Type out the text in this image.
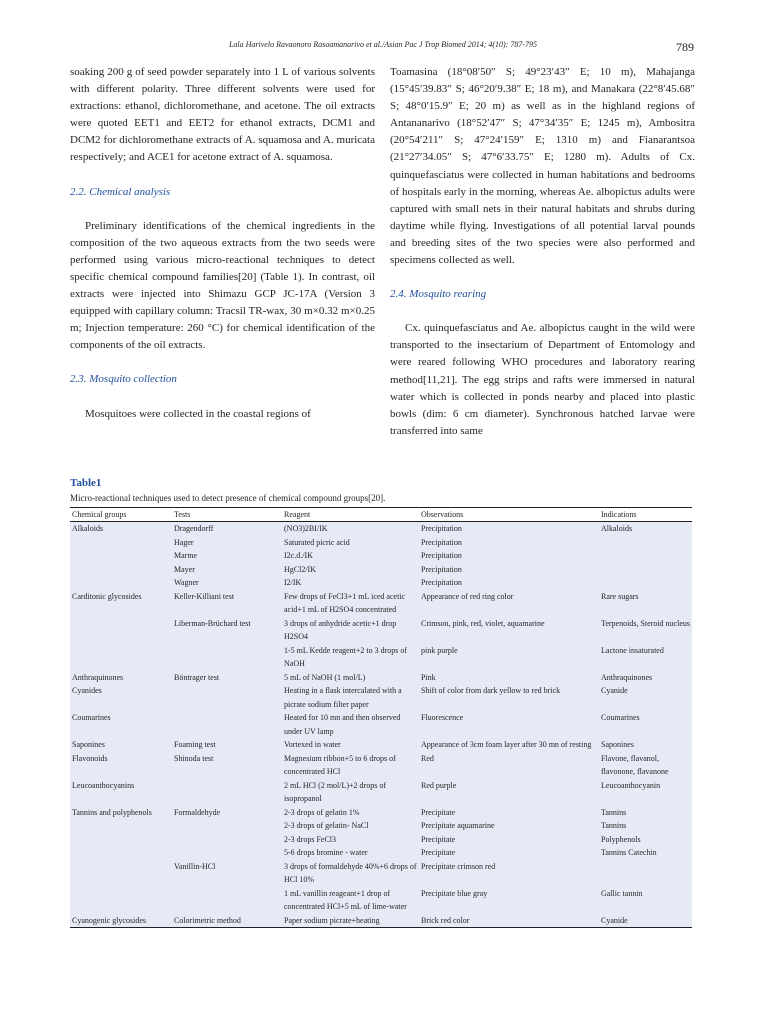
Lala Harivelo Ravaonoro Rasoamanarivo et al./Asian Pac J Trop Biomed 2014; 4(10): 787-795	789

soaking 200 g of seed powder separately into 1 L of various solvents with different polarity. Three different solvents were used for extractions: ethanol, dichloromethane, and acetone. The oil extracts were quoted EET1 and EET2 for ethanol extracts, DCM1 and DCM2 for dichloromethane extracts of A. squamosa and A. muricata respectively; and ACE1 for acetone extract of A. squamosa.

2.2. Chemical analysis

Preliminary identifications of the chemical ingredients in the composition of the two aqueous extracts from the two seeds were performed using various micro-reactional techniques to detect specific chemical compound families[20] (Table 1). In contrast, oil extracts were injected into Shimazu GCP JC-17A (Version 3 equipped with capillary column: Tracsil TR-wax, 30 m×0.32 m×0.25 m; Injection temperature: 260 °C) for chemical identification of the components of the oil extracts.

2.3. Mosquito collection

Mosquitoes were collected in the coastal regions of

Toamasina (18°08′50″ S; 49°23′43″ E; 10 m), Mahajanga (15°45′39.83′′ S; 46°20′9.38″ E; 18 m), and Manakara (22°8′45.68″ S; 48°0′15.9″ E; 20 m) as well as in the highland regions of Antananarivo (18°52′47″ S; 47°34′35″ E; 1245 m), Ambositra (20°54′211″ S; 47°24′159″ E; 1310 m) and Fianarantsoa (21°27′34.05″ S; 47°6′33.75″ E; 1280 m). Adults of Cx. quinquefasciatus were collected in human habitations and bedrooms of hospitals early in the morning, whereas Ae. albopictus adults were captured with small nets in their natural habitats and shrubs during daytime while flying. Investigations of all potential larval pounds and breeding sites of the two species were also performed and specimens collected as well.

2.4. Mosquito rearing

Cx. quinquefasciatus and Ae. albopictus caught in the wild were transported to the insectarium of Department of Entomology and were reared following WHO procedures and laboratory rearing method[11,21]. The egg strips and rafts were immersed in natural water which is collected in ponds nearby and placed into plastic bowls (dim: 6 cm diameter). Synchronous hatched larvae were transferred into same

Table1
Micro-reactional techniques used to detect presence of chemical compound groups[20].
Chemical groups	Tests	Reagent	Observations	Indications
Alkaloids	Dragendorff	(NO3)2BI/IK	Precipitation	Alkaloids
	Hager	Saturated picric acid	Precipitation	
	Marme	I2c.d./IK	Precipitation	
	Mayer	HgCl2/IK	Precipitation	
	Wagner	I2/IK	Precipitation	
Carditonic glycosides	Keller-Killiani test	Few drops of FeCl3+1 mL iced acetic acid+1 mL of H2SO4 concentrated	Appearance of red ring color	Rare sugars
	Liberman-Brüchard test	3 drops of anhydride acetic+1 drop H2SO4	Crimson, pink, red, violet, aquamarine	Terpenoids, Steroid nucleus
		1-5 mL Kedde reagent+2 to 3 drops of NaOH	pink purple	Lactone insaturated
Anthraquinones	Böntrager test	5 mL of NaOH (1 mol/L)	Pink	Anthraquinones
Cyanides		Heating in a flask intercalated with a picrate sodium filter paper	Shift of color from dark yellow to red brick	Cyanide
Coumarines		Heated for 10 mn and then observed under UV lamp	Fluorescence	Coumarines
Saponines	Foaming test	Vortexed in water	Appearance of 3cm foam layer after 30 mn of resting	Saponines
Flavonoids	Shinoda test	Magnesium ribbon+5 to 6 drops of concentrated HCl	Red	Flavone, flavanol, flavonone, flavanone
Leucoanthocyanins		2 mL HCl (2 mol/L)+2 drops of isopropanol	Red purple	Leucoanthocyanin
Tannins and polyphenols	Formaldehyde	2-3 drops of gelatin 1%	Precipitate	Tannins
		2-3 drops of gelatin- NaCl	Precipitate aquamarine	Tannins
		2-3 drops FeCl3	Precipitate	Polyphenols
		5-6 drops bromine - water	Precipitate	Tannins Catechin
	Vanillin-HCl	3 drops of formaldehyde 40%+6 drops of HCl 10%	Precipitate crimson red	
		1 mL vanillin reageant+1 drop of concentrated HCl+5 mL of lime-water	Precipitate blue gray	Gallic tannin
Cyanogenic glycosides	Colorimetric method	Paper sodium picrate+heating	Brick red color	Cyanide
